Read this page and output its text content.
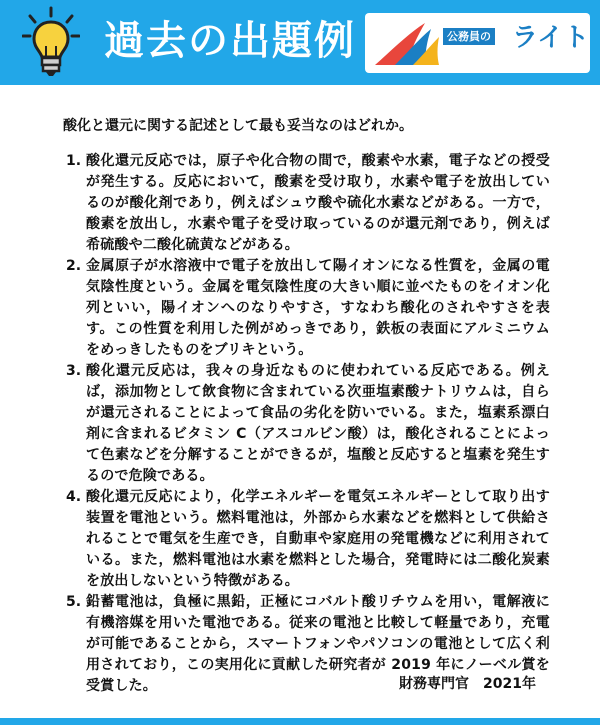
過去の出題例	公務員の ライト
酸化と還元に関する記述として最も妥当なのはどれか。
1. 酸化還元反応では，原子や化合物の間で，酸素や水素，電子などの授受が発生する。反応において，酸素を受け取り，水素や電子を放出しているのが酸化剤であり，例えばシュウ酸や硫化水素などがある。一方で，酸素を放出し，水素や電子を受け取っているのが還元剤であり，例えば希硫酸や二酸化硫黄などがある。

2. 金属原子が水溶液中で電子を放出して陽イオンになる性質を，金属の電気陰性度という。金属を電気陰性度の大きい順に並べたものをイオン化列といい，陽イオンへのなりやすさ，すなわち酸化のされやすさを表す。この性質を利用した例がめっきであり，鉄板の表面にアルミニウムをめっきしたものをブリキという。

3. 酸化還元反応は，我々の身近なものに使われている反応である。例えば，添加物として飲食物に含まれている次亜塩素酸ナトリウムは，自らが還元されることによって食品の劣化を防いでいる。また，塩素系漂白剤に含まれるビタミン C（アスコルビン酸）は，酸化されることによって色素などを分解することができるが，塩酸と反応すると塩素を発生するので危険である。

4. 酸化還元反応により，化学エネルギーを電気エネルギーとして取り出す装置を電池という。燃料電池は，外部から水素などを燃料として供給されることで電気を生産でき，自動車や家庭用の発電機などに利用されている。また，燃料電池は水素を燃料とした場合，発電時には二酸化炭素を放出しないという特徴がある。

5. 鉛蓄電池は，負極に黒鉛，正極にコバルト酸リチウムを用い，電解液に有機溶媒を用いた電池である。従来の電池と比較して軽量であり，充電が可能であることから，スマートフォンやパソコンの電池として広く利用されており，この実用化に貢献した研究者が 2019 年にノーベル賞を受賞した。	財務専門官　2021年
